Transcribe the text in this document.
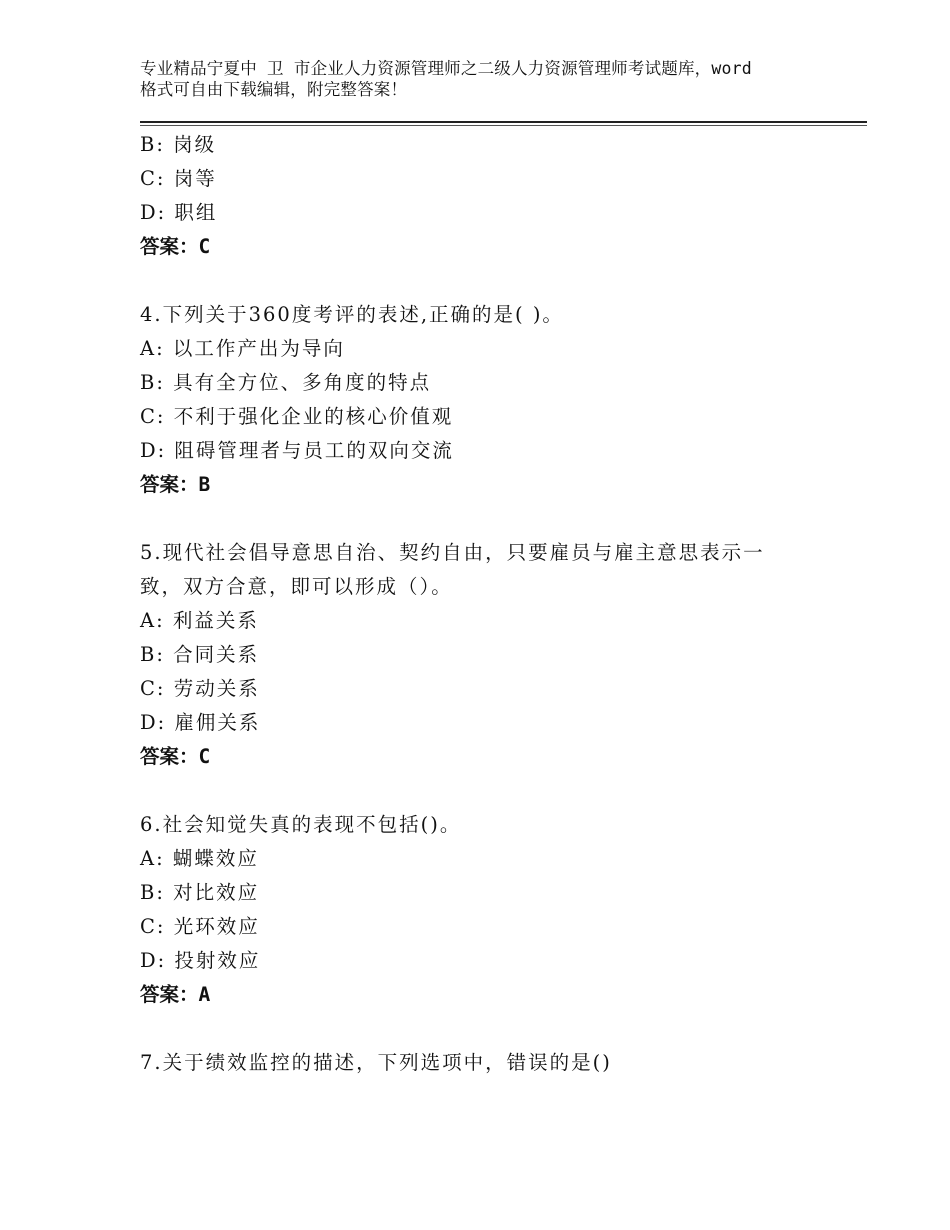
专业精品宁夏中 卫 市企业人力资源管理师之二级人力资源管理师考试题库，word
格式可自由下载编辑，附完整答案！
B: 岗级
C: 岗等
D: 职组
答案：C
4.下列关于360度考评的表述,正确的是( )。
A: 以工作产出为导向
B: 具有全方位、多角度的特点
C: 不利于强化企业的核心价值观
D: 阻碍管理者与员工的双向交流
答案：B
5.现代社会倡导意思自治、契约自由，只要雇员与雇主意思表示一
致，双方合意，即可以形成（）。
A: 利益关系
B: 合同关系
C: 劳动关系
D: 雇佣关系
答案：C
6.社会知觉失真的表现不包括()。
A: 蝴蝶效应
B: 对比效应
C: 光环效应
D: 投射效应
答案：A
7.关于绩效监控的描述，下列选项中，错误的是()
